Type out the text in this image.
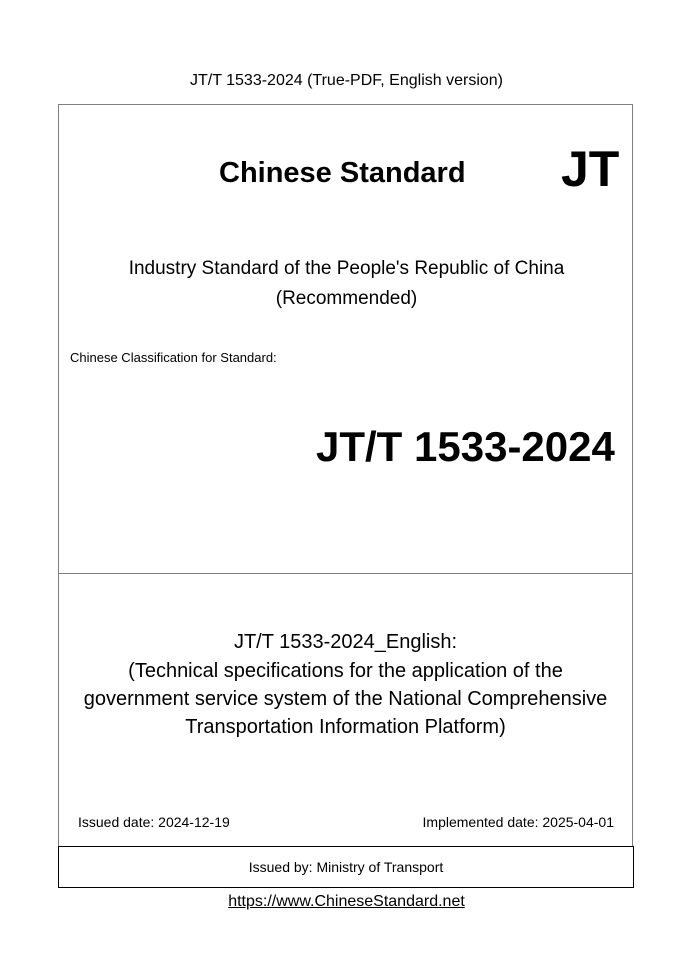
JT/T 1533-2024 (True-PDF, English version)
Chinese Standard JT
Industry Standard of the People's Republic of China
(Recommended)
Chinese Classification for Standard:
JT/T 1533-2024
JT/T 1533-2024_English:
(Technical specifications for the application of the
government service system of the National Comprehensive
Transportation Information Platform)
Issued date: 2024-12-19	Implemented date: 2025-04-01
Issued by: Ministry of Transport
https://www.ChineseStandard.net
